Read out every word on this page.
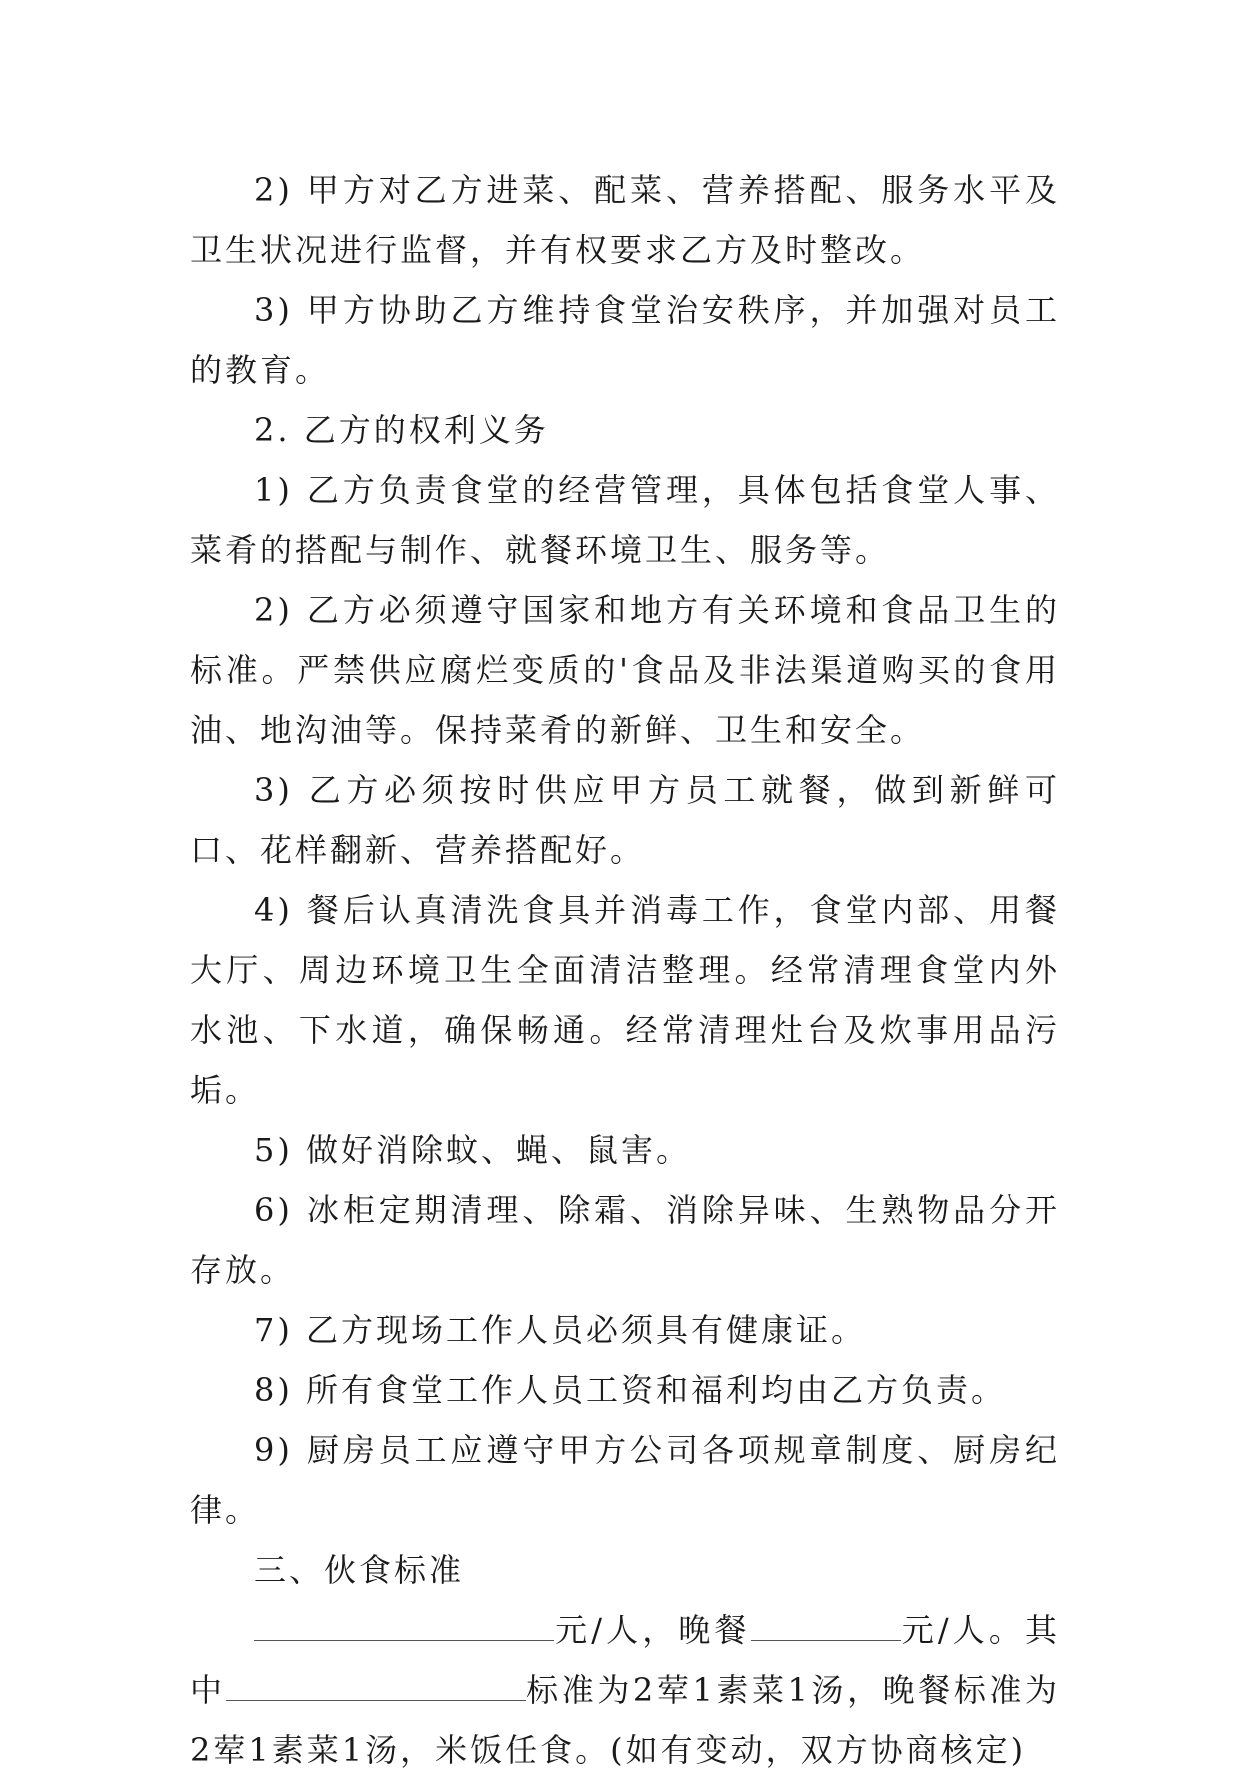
2) 甲方对乙方进菜、配菜、营养搭配、服务水平及卫生状况进行监督，并有权要求乙方及时整改。

3) 甲方协助乙方维持食堂治安秩序，并加强对员工的教育。

2. 乙方的权利义务

1) 乙方负责食堂的经营管理，具体包括食堂人事、菜肴的搭配与制作、就餐环境卫生、服务等。

2) 乙方必须遵守国家和地方有关环境和食品卫生的标准。严禁供应腐烂变质的'食品及非法渠道购买的食用油、地沟油等。保持菜肴的新鲜、卫生和安全。

3) 乙方必须按时供应甲方员工就餐，做到新鲜可口、花样翻新、营养搭配好。

4) 餐后认真清洗食具并消毒工作，食堂内部、用餐大厅、周边环境卫生全面清洁整理。经常清理食堂内外水池、下水道，确保畅通。经常清理灶台及炊事用品污垢。

5) 做好消除蚊、蝇、鼠害。

6) 冰柜定期清理、除霜、消除异味、生熟物品分开存放。

7) 乙方现场工作人员必须具有健康证。

8) 所有食堂工作人员工资和福利均由乙方负责。

9) 厨房员工应遵守甲方公司各项规章制度、厨房纪律。

三、伙食标准

元/人，晚餐	元/人。其中	标准为2荤1素菜1汤，晚餐标准为2荤1素菜1汤，米饭任食。(如有变动，双方协商核定)
